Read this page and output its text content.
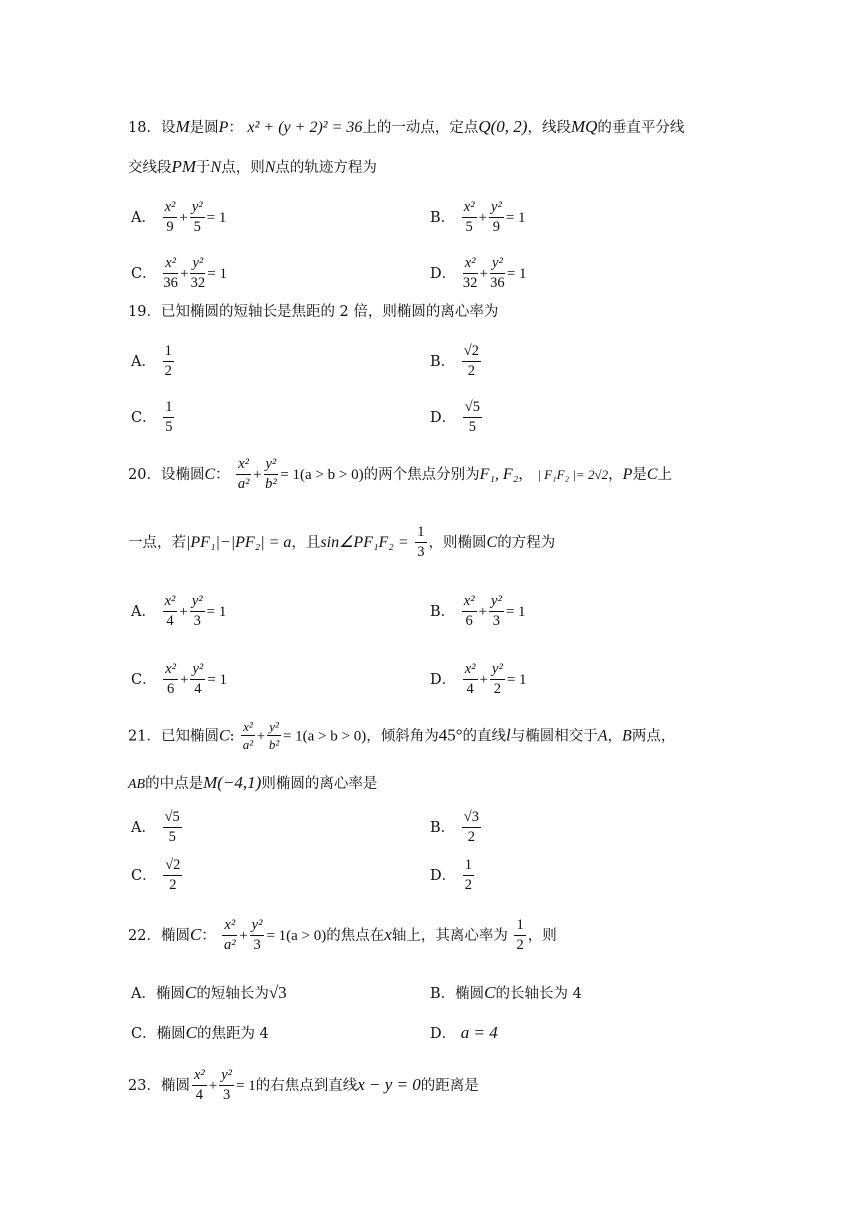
18．设M是圆P： x² + (y + 2)² = 36上的一动点，定点Q(0, 2)，线段MQ的垂直平分线
交线段PM于N点，则N点的轨迹方程为
A． $\frac{\text{x²}}{9} + \frac{\text{y²}}{5} = 1$	B． $\frac{\text{x²}}{5} + \frac{\text{y²}}{9} = 1$
C． $\frac{\text{x²}}{36} + \frac{\text{y²}}{32} = 1$	D． $\frac{\text{x²}}{32} + \frac{\text{y²}}{36} = 1$
19．已知椭圆的短轴长是焦距的 2 倍，则椭圆的离心率为
A． $\frac{1}{2}$	B． $\frac{√2}{2}$
C． $\frac{1}{5}$	D． $\frac{√5}{5}$
20．设椭圆C： $\frac{\text{x²}}{\text{a²}} + \frac{\text{y²}}{\text{b²}} = 1(a > b > 0)$的两个焦点分别为F₁, F₂， | F₁F₂ |= 2√2，P是C上
一点，若|PF₁|−|PF₂| = a，且sin∠PF₁F₂ = $\frac{1}{3}$ ，则椭圆C的方程为
A． $\frac{\text{x²}}{4} + \frac{\text{y²}}{3} = 1$	B． $\frac{\text{x²}}{6} + \frac{\text{y²}}{3} = 1$
C． $\frac{\text{x²}}{6} + \frac{\text{y²}}{4} = 1$	D． $\frac{\text{x²}}{4} + \frac{\text{y²}}{2} = 1$
21．已知椭圆C: $\frac{\text{x²}}{\text{a²}} + \frac{\text{y²}}{\text{b²}} = 1(a > b > 0)$，倾斜角为45°的直线l与椭圆相交于A，B两点，
AB的中点是M(−4,1)则椭圆的离心率是
A． $\frac{√5}{5}$	B． $\frac{√3}{2}$
C． $\frac{√2}{2}$	D． $\frac{1}{2}$
22．椭圆C： $\frac{\text{x²}}{\text{a²}} + \frac{\text{y²}}{3} = 1(a > 0)$的焦点在x轴上，其离心率为 $\frac{1}{2}$ ，则
A．椭圆C的短轴长为√3	B．椭圆C的长轴长为 4
C．椭圆C的焦距为 4	D． a = 4
23．椭圆 $\frac{\text{x²}}{4} + \frac{\text{y²}}{3} = 1$的右焦点到直线x − y = 0的距离是
